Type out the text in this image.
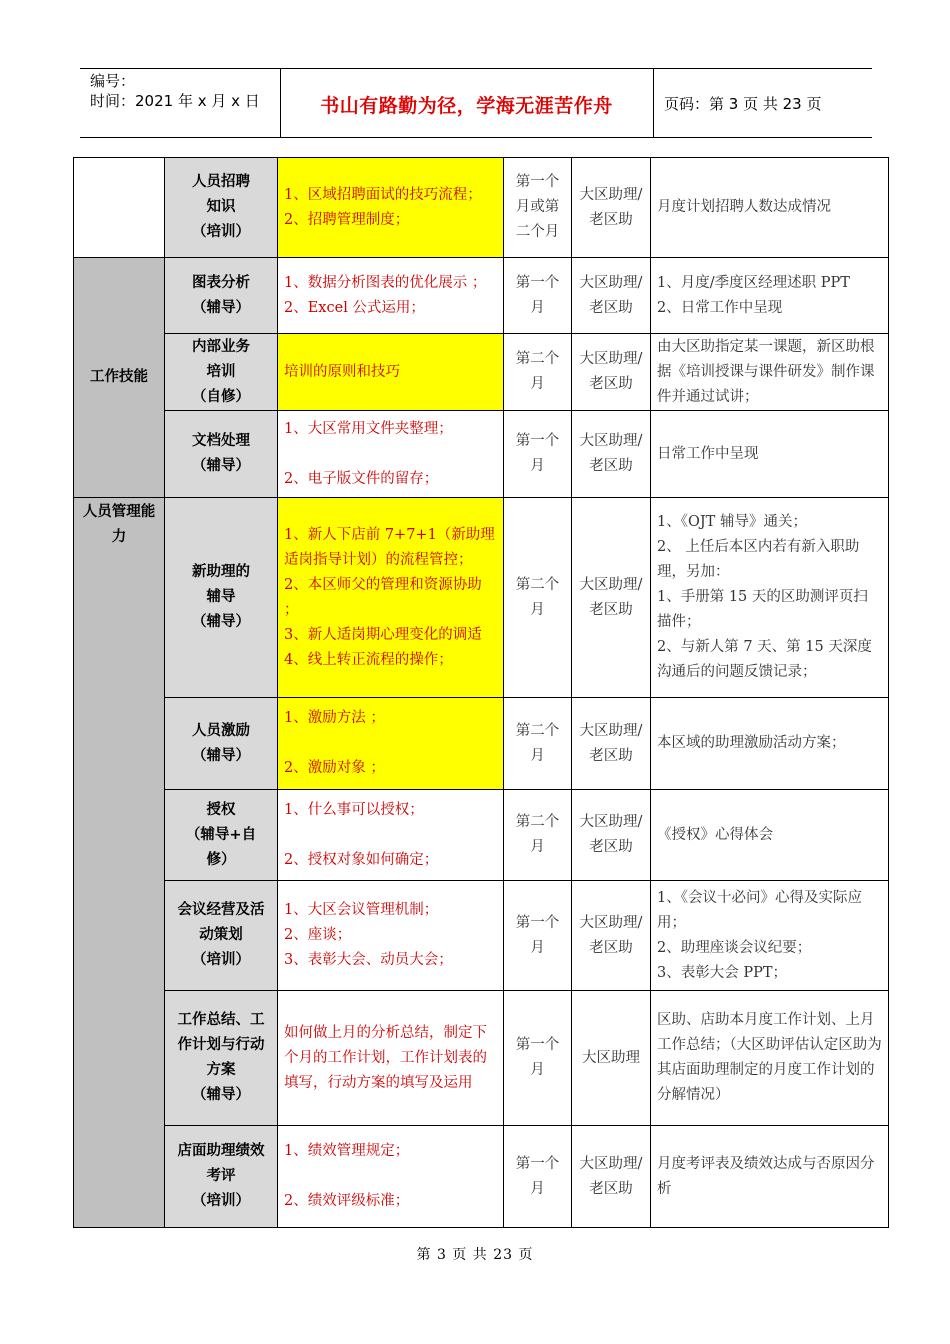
编号：
时间：2021 年 x 月 x 日	书山有路勤为径，学海无涯苦作舟	页码：第 3 页 共 23 页

	人员招聘
知识
（培训）	1、区域招聘面试的技巧流程；
2、招聘管理制度；	第一个月或第二个月	大区助理/老区助	月度计划招聘人数达成情况
工作技能	图表分析
（辅导）	1、数据分析图表的优化展示 ；
2、Excel 公式运用；	第一个月	大区助理/老区助	1、月度/季度区经理述职 PPT
2、日常工作中呈现

	内部业务
培训
（自修）	培训的原则和技巧	第二个月	大区助理/老区助	由大区助指定某一课题，新区助根据《培训授课与课件研发》制作课件并通过试讲；

	文档处理
（辅导）	1、大区常用文件夹整理；
2、电子版文件的留存；	第一个月	大区助理/老区助	日常工作中呈现
人员管理能力	新助理的
辅导
（辅导）	1、新人下店前 7+7+1（新助理适岗指导计划）的流程管控；
2、本区师父的管理和资源协助 ；
3、新人适岗期心理变化的调适
4、线上转正流程的操作；	第二个月	大区助理/老区助	1、《OJT 辅导》通关；
2、 上任后本区内若有新入职助理，另加：
1、手册第 15 天的区助测评页扫描件；
2、与新人第 7 天、第 15 天深度沟通后的问题反馈记录；

	人员激励
（辅导）	1、激励方法 ；
2、激励对象 ；	第二个月	大区助理/老区助	本区域的助理激励活动方案；

	授权
（辅导+自
修）	1、什么事可以授权；
2、授权对象如何确定；	第二个月	大区助理/老区助	《授权》心得体会

	会议经营及活
动策划
（培训）	1、大区会议管理机制；
2、座谈；
3、表彰大会、动员大会；	第一个月	大区助理/老区助	1、《会议十必问》心得及实际应用；
2、助理座谈会议纪要；
3、表彰大会 PPT；

	工作总结、工
作计划与行动
方案
（辅导）	如何做上月的分析总结，制定下个月的工作计划，工作计划表的填写，行动方案的填写及运用	第一个月	大区助理	区助、店助本月度工作计划、上月工作总结；（大区助评估认定区助为其店面助理制定的月度工作计划的分解情况）

	店面助理绩效
考评
（培训）	1、绩效管理规定；
2、绩效评级标准；	第一个月	大区助理/老区助	月度考评表及绩效达成与否原因分析
第 3 页 共 23 页
